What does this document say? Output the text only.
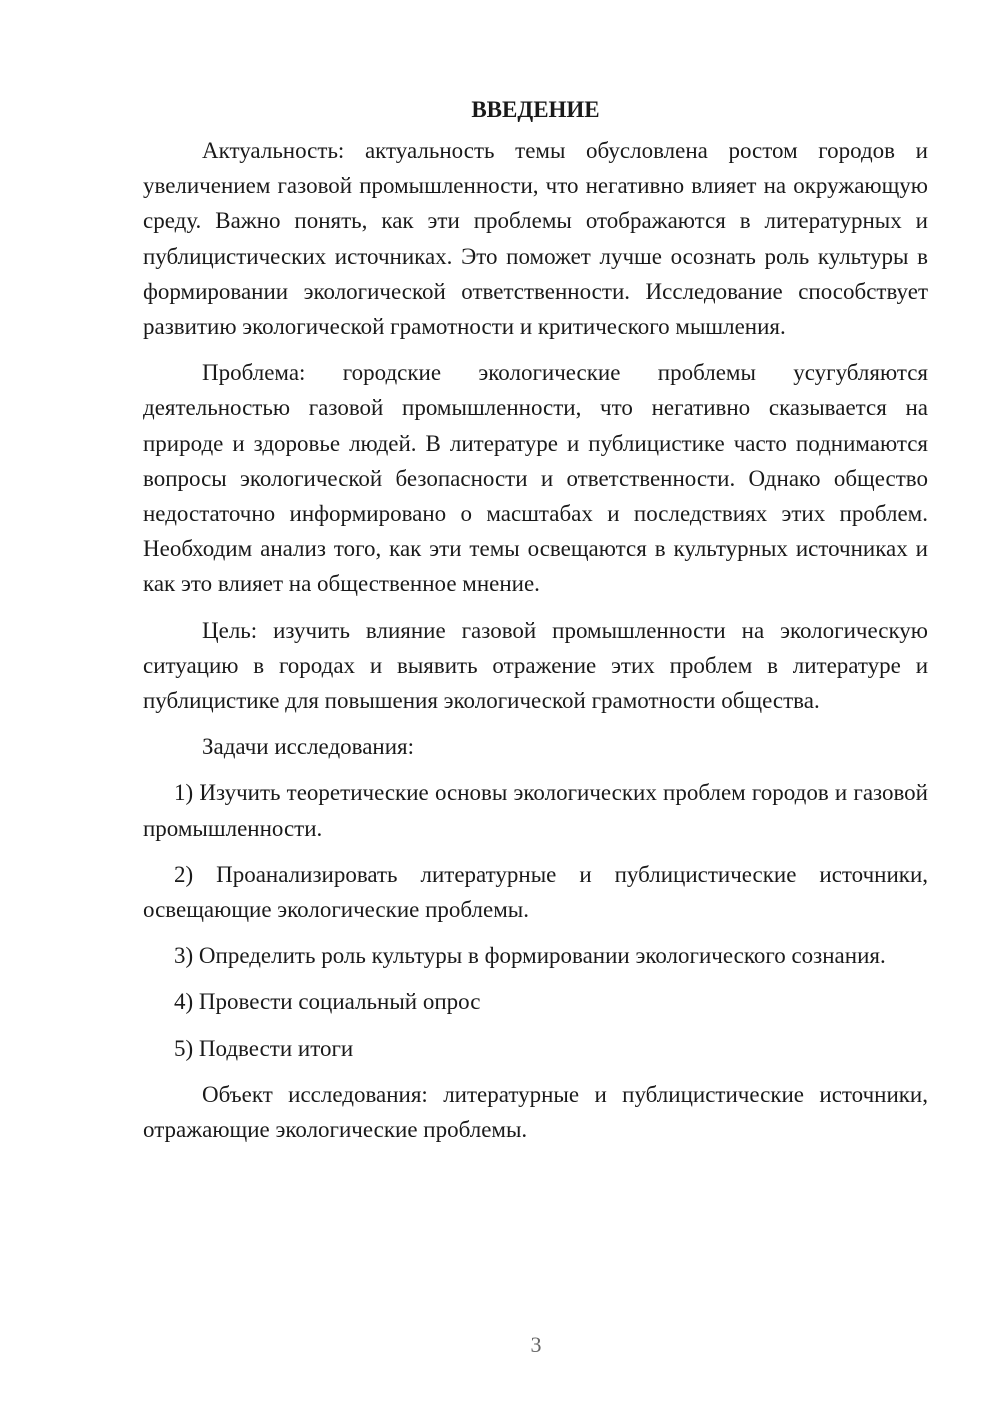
ВВЕДЕНИЕ

Актуальность: актуальность темы обусловлена ростом городов и увеличением газовой промышленности, что негативно влияет на окружающую среду. Важно понять, как эти проблемы отображаются в литературных и публицистических источниках. Это поможет лучше осознать роль культуры в формировании экологической ответственности. Исследование способствует развитию экологической грамотности и критического мышления.

Проблема: городские экологические проблемы усугубляются деятельностью газовой промышленности, что негативно сказывается на природе и здоровье людей. В литературе и публицистике часто поднимаются вопросы экологической безопасности и ответственности. Однако общество недостаточно информировано о масштабах и последствиях этих проблем. Необходим анализ того, как эти темы освещаются в культурных источниках и как это влияет на общественное мнение.

Цель: изучить влияние газовой промышленности на экологическую ситуацию в городах и выявить отражение этих проблем в литературе и публицистике для повышения экологической грамотности общества.

Задачи исследования:

1) Изучить теоретические основы экологических проблем городов и газовой промышленности.

2) Проанализировать литературные и публицистические источники, освещающие экологические проблемы.

3) Определить роль культуры в формировании экологического сознания.

4) Провести социальный опрос

5) Подвести итоги

Объект исследования: литературные и публицистические источники, отражающие экологические проблемы.

3
